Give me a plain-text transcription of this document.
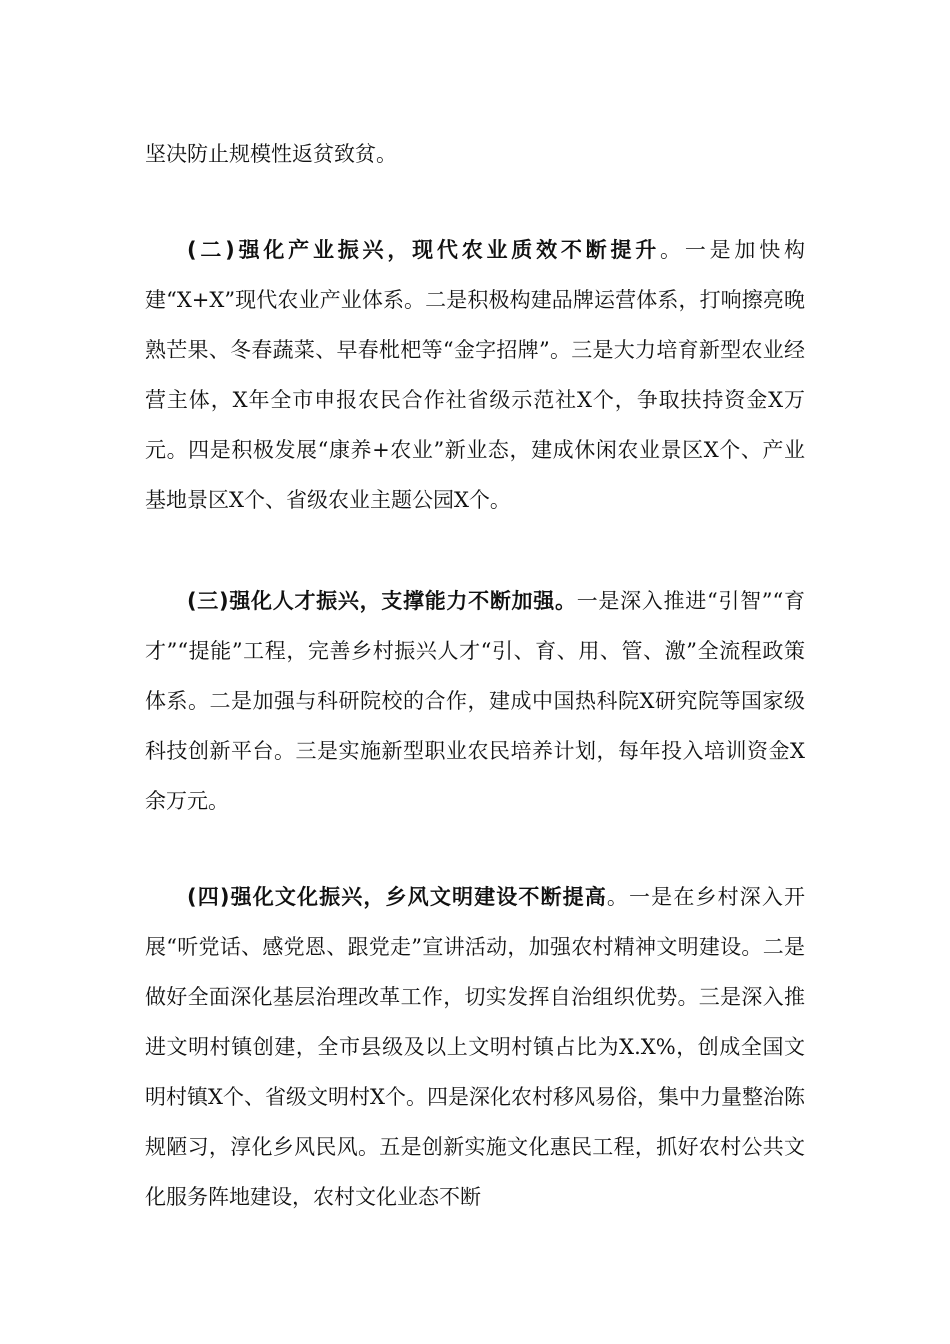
坚决防止规模性返贫致贫。

(二)强化产业振兴，现代农业质效不断提升。一是加快构建“X+X”现代农业产业体系。二是积极构建品牌运营体系，打响擦亮晚熟芒果、冬春蔬菜、早春枇杷等“金字招牌”。三是大力培育新型农业经营主体，X年全市申报农民合作社省级示范社X个，争取扶持资金X万元。四是积极发展“康养+农业”新业态，建成休闲农业景区X个、产业基地景区X个、省级农业主题公园X个。

(三)强化人才振兴，支撑能力不断加强。一是深入推进“引智”“育才”“提能”工程，完善乡村振兴人才“引、育、用、管、激”全流程政策体系。二是加强与科研院校的合作，建成中国热科院X研究院等国家级科技创新平台。三是实施新型职业农民培养计划，每年投入培训资金X余万元。

(四)强化文化振兴，乡风文明建设不断提高。一是在乡村深入开展“听党话、感党恩、跟党走”宣讲活动，加强农村精神文明建设。二是做好全面深化基层治理改革工作，切实发挥自治组织优势。三是深入推进文明村镇创建，全市县级及以上文明村镇占比为X.X%，创成全国文明村镇X个、省级文明村X个。四是深化农村移风易俗，集中力量整治陈规陋习，淳化乡风民风。五是创新实施文化惠民工程，抓好农村公共文化服务阵地建设，农村文化业态不断
